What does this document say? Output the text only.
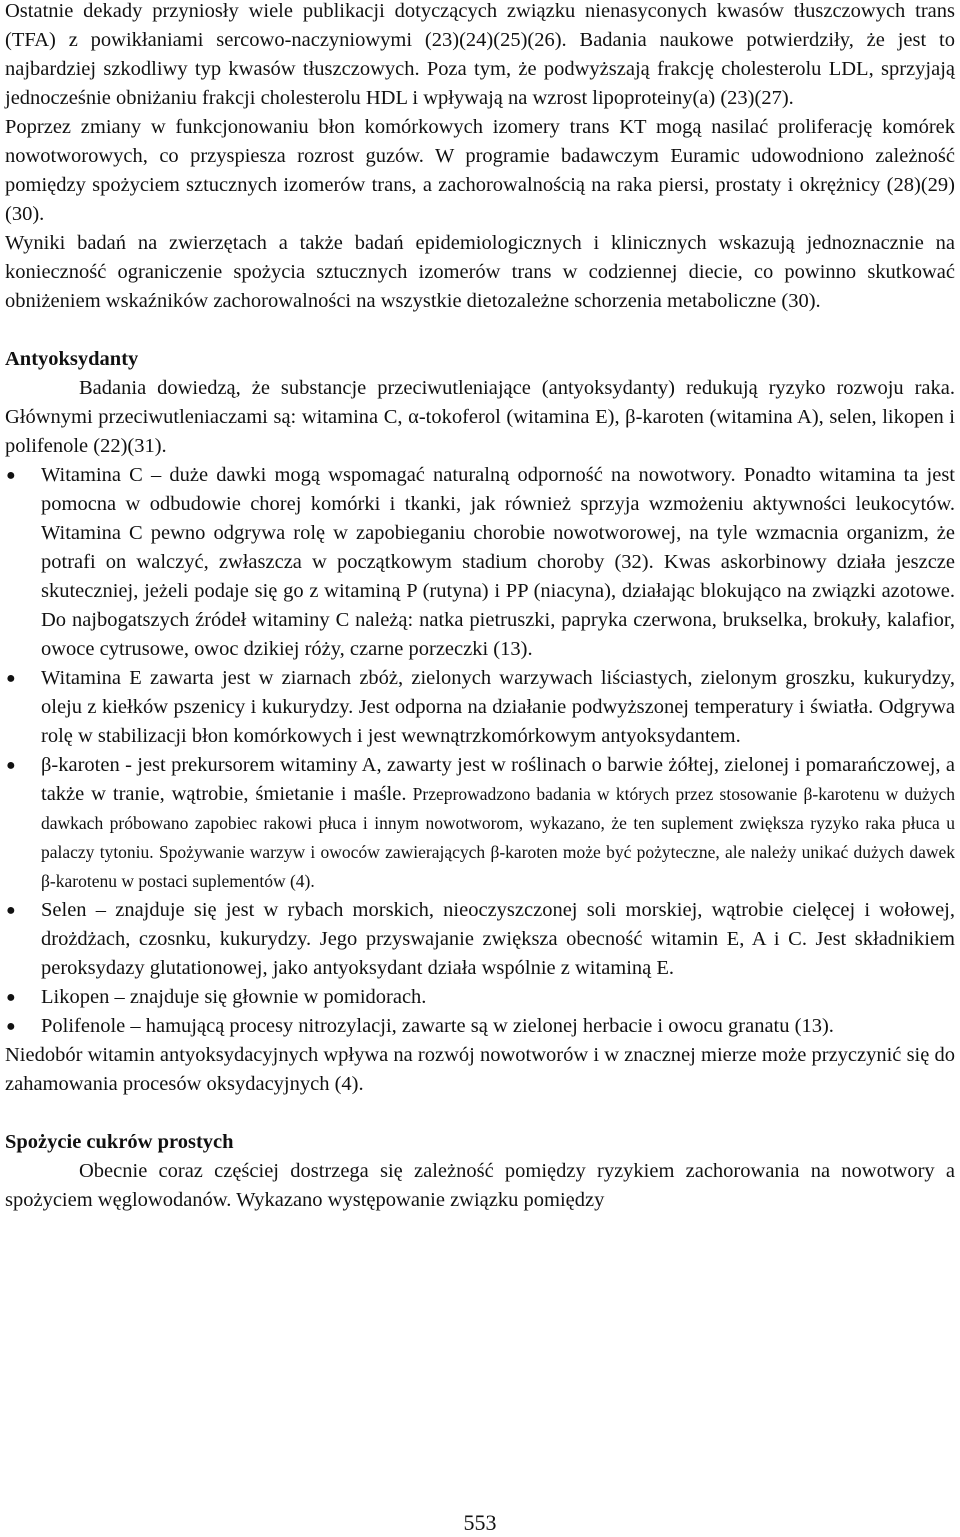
Ostatnie dekady przyniosły wiele publikacji dotyczących związku nienasyconych kwasów tłuszczowych trans (TFA) z powikłaniami sercowo-naczyniowymi (23)(24)(25)(26). Badania naukowe potwierdziły, że jest to najbardziej szkodliwy typ kwasów tłuszczowych. Poza tym, że podwyższają frakcję cholesterolu LDL, sprzyjają jednocześnie obniżaniu frakcji cholesterolu HDL i wpływają na wzrost lipoproteiny(a) (23)(27).

Poprzez zmiany w funkcjonowaniu błon komórkowych izomery trans KT mogą nasilać proliferację komórek nowotworowych, co przyspiesza rozrost guzów. W programie badawczym Euramic udowodniono zależność pomiędzy spożyciem sztucznych izomerów trans, a zachorowalnością na raka piersi, prostaty i okrężnicy (28)(29)(30).

Wyniki badań na zwierzętach a także badań epidemiologicznych i klinicznych wskazują jednoznacznie na konieczność ograniczenie spożycia sztucznych izomerów trans w codziennej diecie, co powinno skutkować obniżeniem wskaźników zachorowalności na wszystkie dietozależne schorzenia metaboliczne (30).

Antyoksydanty

Badania dowiedzą, że substancje przeciwutleniające (antyoksydanty) redukują ryzyko rozwoju raka. Głównymi przeciwutleniaczami są: witamina C, α-tokoferol (witamina E), β-karoten (witamina A), selen, likopen i polifenole (22)(31).

● Witamina C – duże dawki mogą wspomagać naturalną odporność na nowotwory. Ponadto witamina ta jest pomocna w odbudowie chorej komórki i tkanki, jak również sprzyja wzmożeniu aktywności leukocytów. Witamina C pewno odgrywa rolę w zapobieganiu chorobie nowotworowej, na tyle wzmacnia organizm, że potrafi on walczyć, zwłaszcza w początkowym stadium choroby (32). Kwas askorbinowy działa jeszcze skuteczniej, jeżeli podaje się go z witaminą P (rutyna) i PP (niacyna), działając blokująco na związki azotowe. Do najbogatszych źródeł witaminy C należą: natka pietruszki, papryka czerwona, brukselka, brokuły, kalafior, owoce cytrusowe, owoc dzikiej róży, czarne porzeczki (13).
● Witamina E zawarta jest w ziarnach zbóż, zielonych warzywach liściastych, zielonym groszku, kukurydzy, oleju z kiełków pszenicy i kukurydzy. Jest odporna na działanie podwyższonej temperatury i światła. Odgrywa rolę w stabilizacji błon komórkowych i jest wewnątrzkomórkowym antyoksydantem.
● β-karoten - jest prekursorem witaminy A, zawarty jest w roślinach o barwie żółtej, zielonej i pomarańczowej, a także w tranie, wątrobie, śmietanie i maśle. Przeprowadzono badania w których przez stosowanie β-karotenu w dużych dawkach próbowano zapobiec rakowi płuca i innym nowotworom, wykazano, że ten suplement zwiększa ryzyko raka płuca u palaczy tytoniu. Spożywanie warzyw i owoców zawierających β-karoten może być pożyteczne, ale należy unikać dużych dawek β-karotenu w postaci suplementów (4).
● Selen – znajduje się jest w rybach morskich, nieoczyszczonej soli morskiej, wątrobie cielęcej i wołowej, drożdżach, czosnku, kukurydzy. Jego przyswajanie zwiększa obecność witamin E, A i C. Jest składnikiem peroksydazy glutationowej, jako antyoksydant działa wspólnie z witaminą E.
● Likopen – znajduje się głownie w pomidorach.
● Polifenole – hamującą procesy nitrozylacji, zawarte są w zielonej herbacie i owocu granatu (13).

Niedobór witamin antyoksydacyjnych wpływa na rozwój nowotworów i w znacznej mierze może przyczynić się do zahamowania procesów oksydacyjnych (4).

Spożycie cukrów prostych

Obecnie coraz częściej dostrzega się zależność pomiędzy ryzykiem zachorowania na nowotwory a spożyciem węglowodanów. Wykazano występowanie związku pomiędzy

553
